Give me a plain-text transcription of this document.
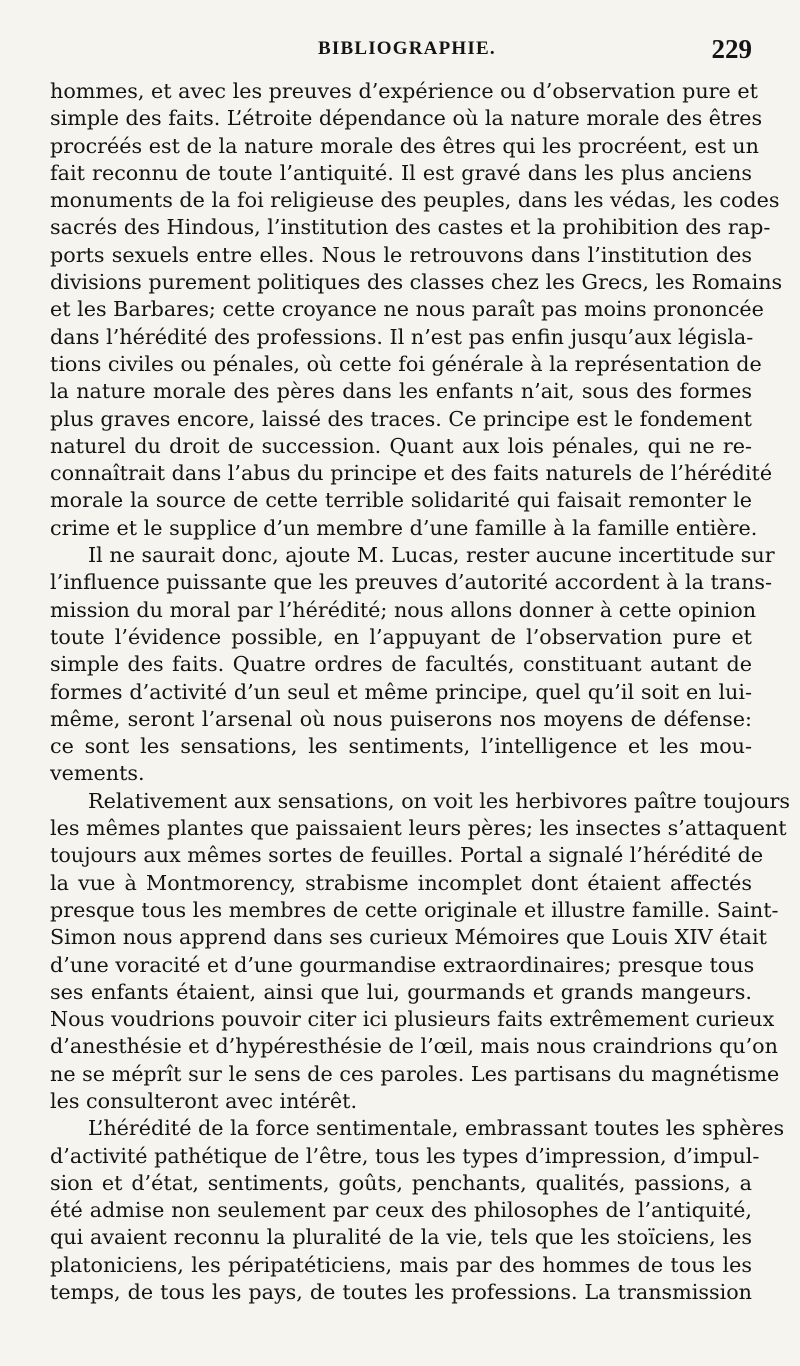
BIBLIOGRAPHIE.	229

hommes, et avec les preuves d’expérience ou d’observation pure et
simple des faits. L’étroite dépendance où la nature morale des êtres
procréés est de la nature morale des êtres qui les procréent, est un
fait reconnu de toute l’antiquité. Il est gravé dans les plus anciens
monuments de la foi religieuse des peuples, dans les védas, les codes
sacrés des Hindous, l’institution des castes et la prohibition des rap-
ports sexuels entre elles. Nous le retrouvons dans l’institution des
divisions purement politiques des classes chez les Grecs, les Romains
et les Barbares; cette croyance ne nous paraît pas moins prononcée
dans l’hérédité des professions. Il n’est pas enfin jusqu’aux législa-
tions civiles ou pénales, où cette foi générale à la représentation de
la nature morale des pères dans les enfants n’ait, sous des formes
plus graves encore, laissé des traces. Ce principe est le fondement
naturel du droit de succession. Quant aux lois pénales, qui ne re-
connaîtrait dans l’abus du principe et des faits naturels de l’hérédité
morale la source de cette terrible solidarité qui faisait remonter le
crime et le supplice d’un membre d’une famille à la famille entière.

Il ne saurait donc, ajoute M. Lucas, rester aucune incertitude sur
l’influence puissante que les preuves d’autorité accordent à la trans-
mission du moral par l’hérédité; nous allons donner à cette opinion
toute l’évidence possible, en l’appuyant de l’observation pure et
simple des faits. Quatre ordres de facultés, constituant autant de
formes d’activité d’un seul et même principe, quel qu’il soit en lui-
même, seront l’arsenal où nous puiserons nos moyens de défense:
ce sont les sensations, les sentiments, l’intelligence et les mou-
vements.

Relativement aux sensations, on voit les herbivores paître toujours
les mêmes plantes que paissaient leurs pères; les insectes s’attaquent
toujours aux mêmes sortes de feuilles. Portal a signalé l’hérédité de
la vue à Montmorency, strabisme incomplet dont étaient affectés
presque tous les membres de cette originale et illustre famille. Saint-
Simon nous apprend dans ses curieux Mémoires que Louis XIV était
d’une voracité et d’une gourmandise extraordinaires; presque tous
ses enfants étaient, ainsi que lui, gourmands et grands mangeurs.
Nous voudrions pouvoir citer ici plusieurs faits extrêmement curieux
d’anesthésie et d’hypéresthésie de l’œil, mais nous craindrions qu’on
ne se méprît sur le sens de ces paroles. Les partisans du magnétisme
les consulteront avec intérêt.

L’hérédité de la force sentimentale, embrassant toutes les sphères
d’activité pathétique de l’être, tous les types d’impression, d’impul-
sion et d’état, sentiments, goûts, penchants, qualités, passions, a
été admise non seulement par ceux des philosophes de l’antiquité,
qui avaient reconnu la pluralité de la vie, tels que les stoïciens, les
platoniciens, les péripatéticiens, mais par des hommes de tous les
temps, de tous les pays, de toutes les professions. La transmission
